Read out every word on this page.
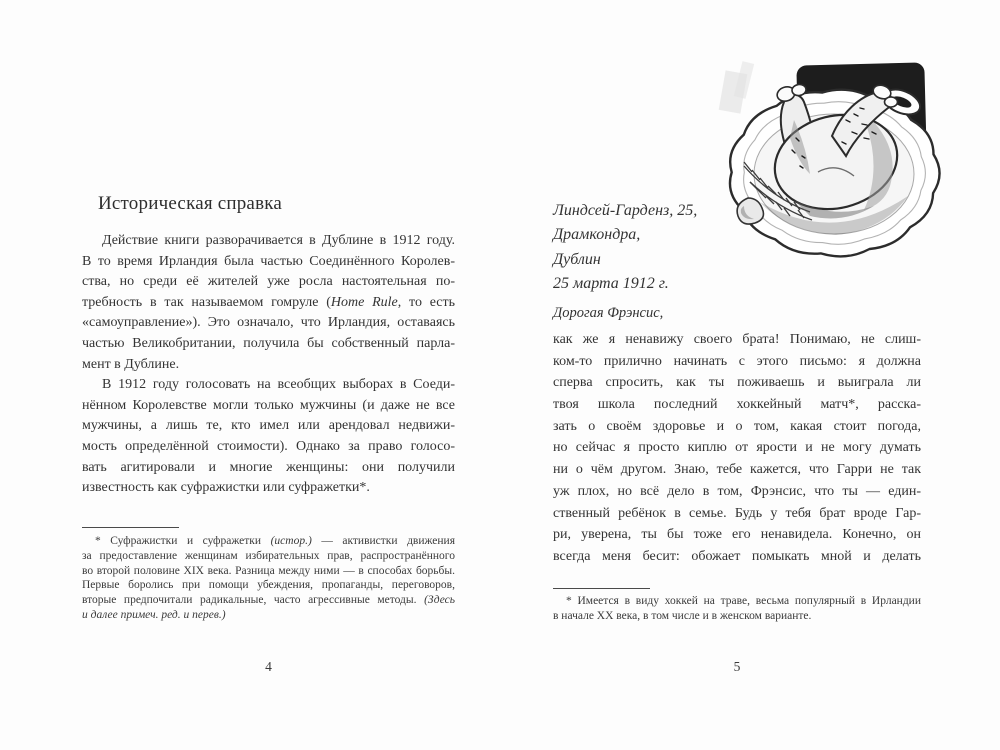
Историческая справка
Действие книги разворачивается в Дублине в 1912 году.
В то время Ирландия была частью Соединённого Королев-
ства, но среди её жителей уже росла настоятельная по-
требность в так называемом гомруле (Home Rule, то есть
«самоуправление»). Это означало, что Ирландия, оставаясь
частью Великобритании, получила бы собственный парла-
мент в Дублине.
В 1912 году голосовать на всеобщих выборах в Соеди-
нённом Королевстве могли только мужчины (и даже не все
мужчины, а лишь те, кто имел или арендовал недвижи-
мость определённой стоимости). Однако за право голосо-
вать агитировали и многие женщины: они получили
известность как суфражистки или суфражетки*.
* Суфражистки и суфражетки (истор.) — активистки движения
за предоставление женщинам избирательных прав, распространённого
во второй половине XIX века. Разница между ними — в способах борьбы.
Первые боролись при помощи убеждения, пропаганды, переговоров,
вторые предпочитали радикальные, часто агрессивные методы. (Здесь
и далее примеч. ред. и перев.)
4
Линдсей-Гарденз, 25,
Драмкондра,
Дублин
25 марта 1912 г.
Дорогая Фрэнсис,
как же я ненавижу своего брата! Понимаю, не слиш-
ком-то прилично начинать с этого письмо: я должна
сперва спросить, как ты поживаешь и выиграла ли
твоя школа последний хоккейный матч*, расска-
зать о своём здоровье и о том, какая стоит погода,
но сейчас я просто киплю от ярости и не могу думать
ни о чём другом. Знаю, тебе кажется, что Гарри не так
уж плох, но всё дело в том, Фрэнсис, что ты — един-
ственный ребёнок в семье. Будь у тебя брат вроде Гар-
ри, уверена, ты бы тоже его ненавидела. Конечно, он
всегда меня бесит: обожает помыкать мной и делать
* Имеется в виду хоккей на траве, весьма популярный в Ирландии
в начале XX века, в том числе и в женском варианте.
5
